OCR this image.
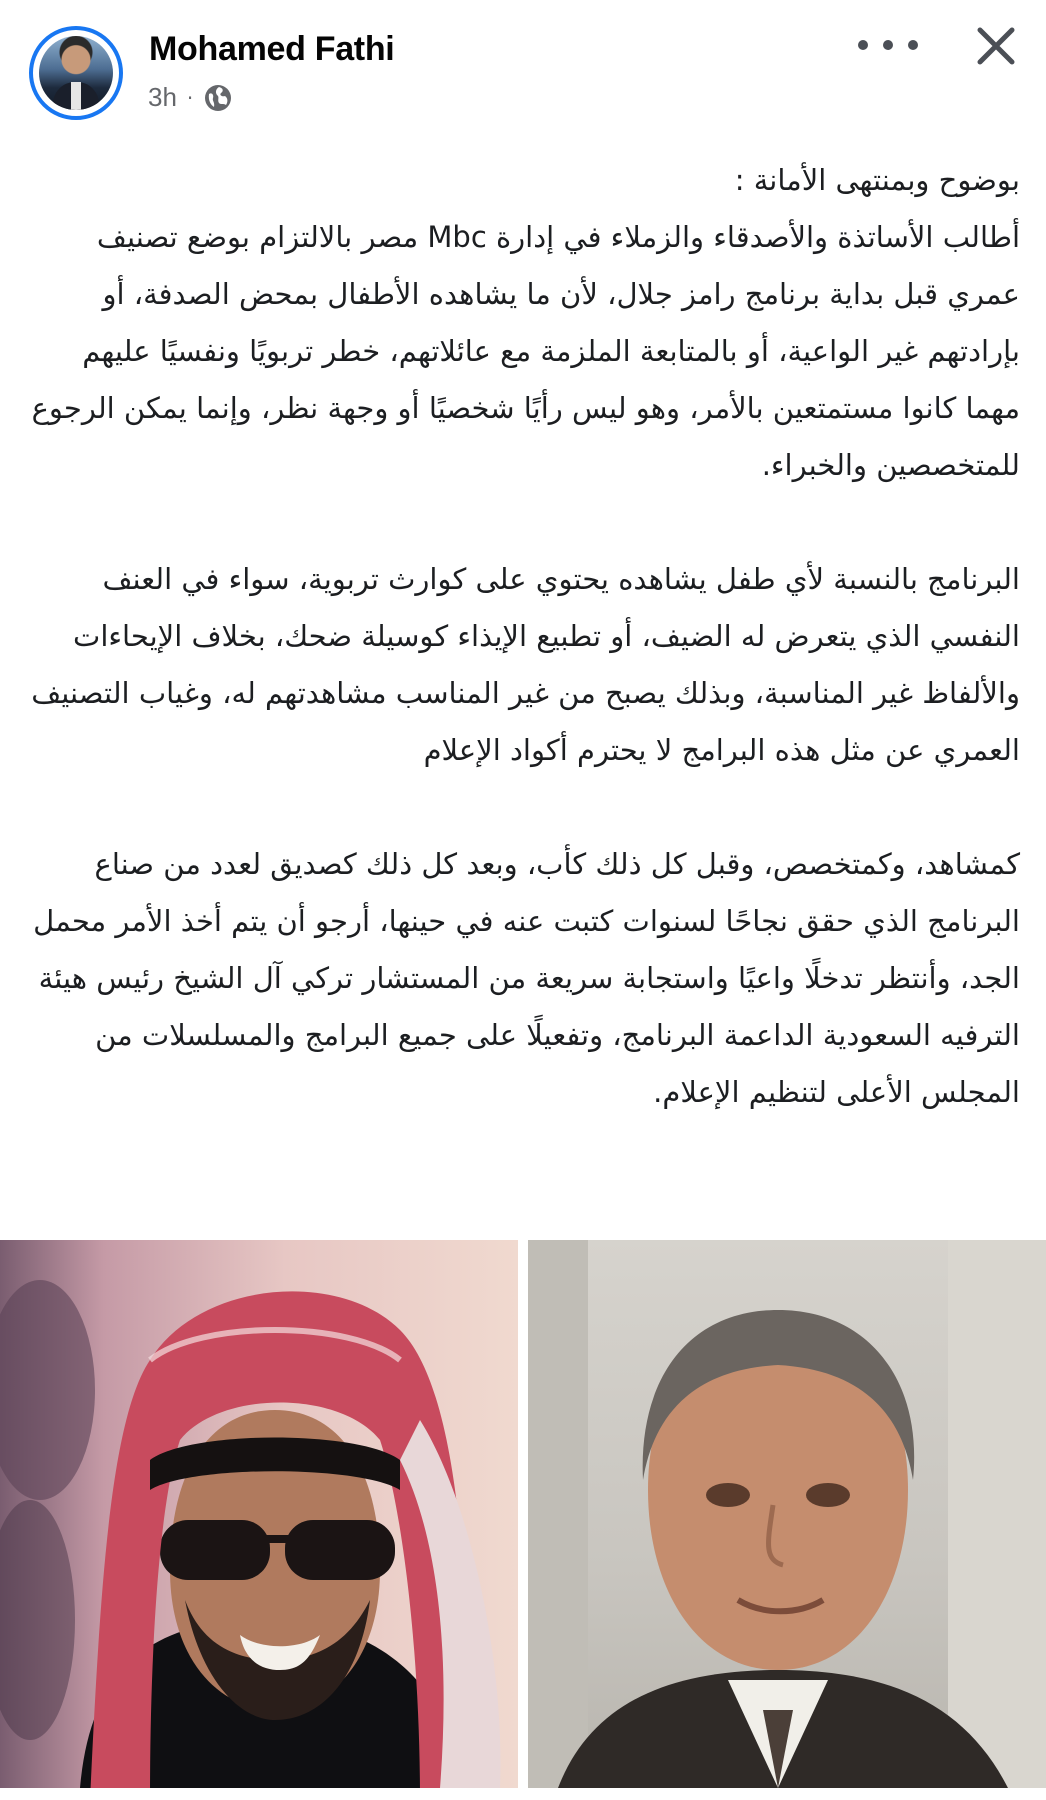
Mohamed Fathi
3h ·

بوضوح وبمنتهى الأمانة :

أطالب الأساتذة والأصدقاء والزملاء في إدارة Mbc مصر بالالتزام بوضع تصنيف عمري قبل بداية برنامج رامز جلال، لأن ما يشاهده الأطفال بمحض الصدفة، أو بإرادتهم غير الواعية، أو بالمتابعة الملزمة مع عائلاتهم، خطر تربويًا ونفسيًا عليهم مهما كانوا مستمتعين بالأمر، وهو ليس رأيًا شخصيًا أو وجهة نظر، وإنما يمكن الرجوع للمتخصصين والخبراء.

البرنامج بالنسبة لأي طفل يشاهده يحتوي على كوارث تربوية، سواء في العنف النفسي الذي يتعرض له الضيف، أو تطبيع الإيذاء كوسيلة ضحك، بخلاف الإيحاءات والألفاظ غير المناسبة، وبذلك يصبح من غير المناسب مشاهدتهم له، وغياب التصنيف العمري عن مثل هذه البرامج لا يحترم أكواد الإعلام

كمشاهد، وكمتخصص، وقبل كل ذلك كأب، وبعد كل ذلك كصديق لعدد من صناع البرنامج الذي حقق نجاحًا لسنوات كتبت عنه في حينها، أرجو أن يتم أخذ الأمر محمل الجد، وأنتظر تدخلًا واعيًا واستجابة سريعة من المستشار تركي آل الشيخ رئيس هيئة الترفيه السعودية الداعمة البرنامج، وتفعيلًا على جميع البرامج والمسلسلات من المجلس الأعلى لتنظيم الإعلام.
